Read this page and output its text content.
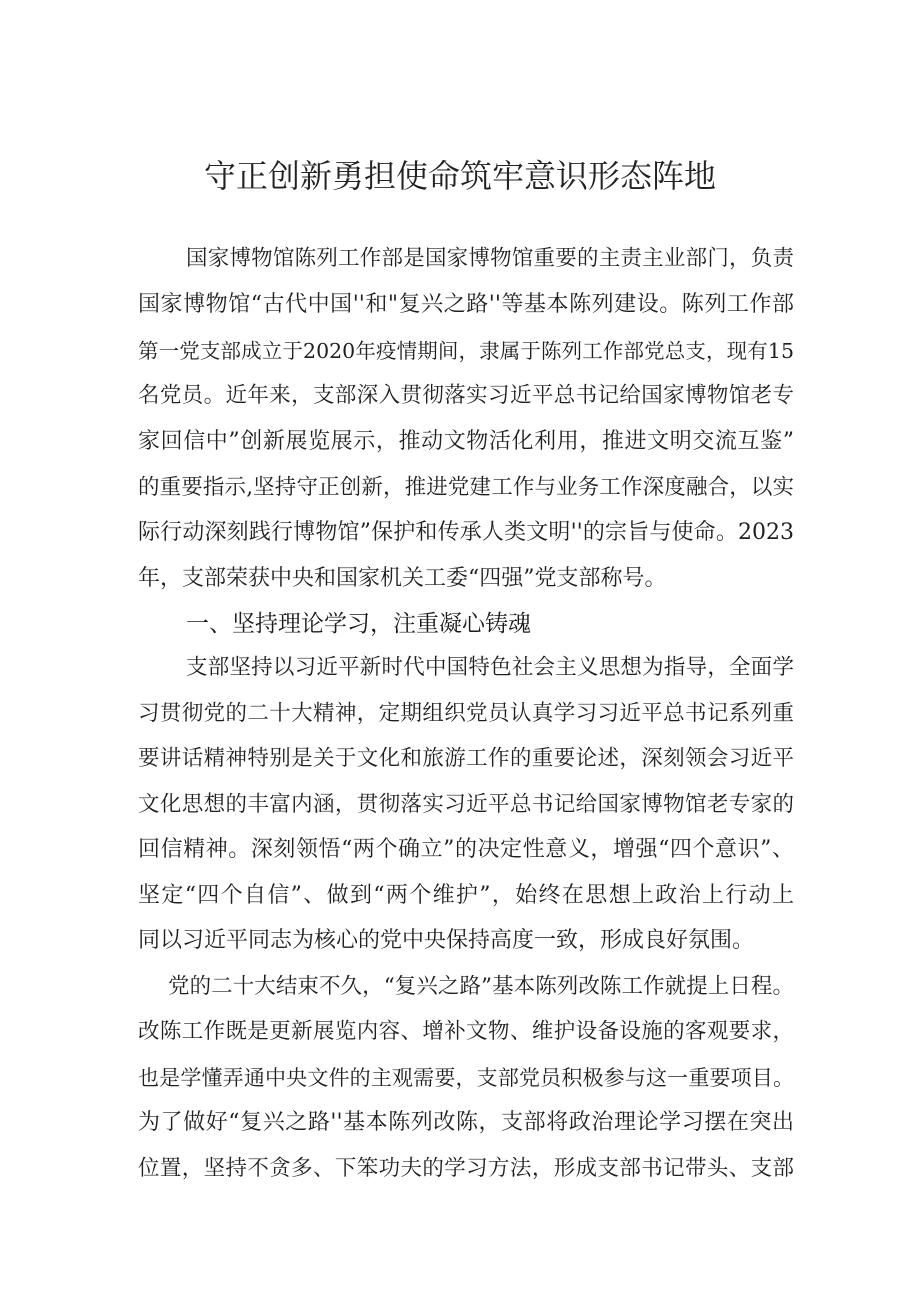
守正创新勇担使命筑牢意识形态阵地
国家博物馆陈列工作部是国家博物馆重要的主责主业部门，负责
国家博物馆“古代中国''和"复兴之路''等基本陈列建设。陈列工作部
第一党支部成立于2020年疫情期间，隶属于陈列工作部党总支，现有15
名党员。近年来，支部深入贯彻落实习近平总书记给国家博物馆老专
家回信中”创新展览展示，推动文物活化利用，推进文明交流互鉴”
的重要指示,坚持守正创新，推进党建工作与业务工作深度融合，以实
际行动深刻践行博物馆”保护和传承人类文明''的宗旨与使命。2023
年，支部荣获中央和国家机关工委“四强”党支部称号。
一、坚持理论学习，注重凝心铸魂
支部坚持以习近平新时代中国特色社会主义思想为指导，全面学
习贯彻党的二十大精神，定期组织党员认真学习习近平总书记系列重
要讲话精神特别是关于文化和旅游工作的重要论述，深刻领会习近平
文化思想的丰富内涵，贯彻落实习近平总书记给国家博物馆老专家的
回信精神。深刻领悟“两个确立”的决定性意义，增强“四个意识”、
坚定“四个自信”、做到“两个维护”，始终在思想上政治上行动上
同以习近平同志为核心的党中央保持高度一致，形成良好氛围。
党的二十大结束不久，“复兴之路”基本陈列改陈工作就提上日程。
改陈工作既是更新展览内容、增补文物、维护设备设施的客观要求，
也是学懂弄通中央文件的主观需要，支部党员积极参与这一重要项目。
为了做好“复兴之路''基本陈列改陈，支部将政治理论学习摆在突出
位置，坚持不贪多、下笨功夫的学习方法，形成支部书记带头、支部
